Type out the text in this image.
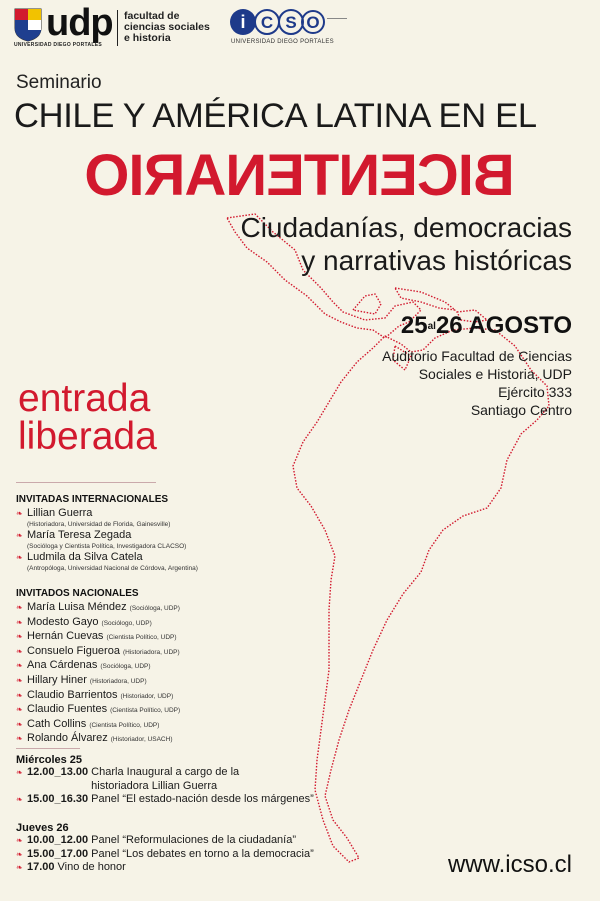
udp
UNIVERSIDAD DIEGO PORTALES
facultad de
ciencias sociales
e historia
i C S O
UNIVERSIDAD DIEGO PORTALES
Seminario
CHILE Y AMÉRICA LATINA EN EL
BICENTENARIO
Ciudadanías, democracias
y narrativas históricas
25al26 AGOSTO
Auditorio Facultad de Ciencias
Sociales e Historia, UDP
Ejército 333
Santiago Centro
entrada
liberada
INVITADAS INTERNACIONALES
❧ Lillian Guerra
(Historiadora, Universidad de Florida, Gainesville)
❧ María Teresa Zegada
(Socióloga y Cientista Política, Investigadora CLACSO)
❧ Ludmila da Silva Catela
(Antropóloga, Universidad Nacional de Córdova, Argentina)
INVITADOS NACIONALES
❧ María Luisa Méndez (Socióloga, UDP)
❧ Modesto Gayo (Sociólogo, UDP)
❧ Hernán Cuevas (Cientista Político, UDP)
❧ Consuelo Figueroa (Historiadora, UDP)
❧ Ana Cárdenas (Socióloga, UDP)
❧ Hillary Hiner (Historiadora, UDP)
❧ Claudio Barrientos (Historiador, UDP)
❧ Claudio Fuentes (Cientista Político, UDP)
❧ Cath Collins (Cientista Político, UDP)
❧ Rolando Álvarez (Historiador, USACH)
Miércoles 25
❧ 12.00_13.00 Charla Inaugural a cargo de la
historiadora Lillian Guerra
❧ 15.00_16.30 Panel “El estado-nación desde los márgenes”
Jueves 26
❧ 10.00_12.00 Panel “Reformulaciones de la ciudadanía”
❧ 15.00_17.00 Panel “Los debates en torno a la democracia”
❧ 17.00 Vino de honor	www.icso.cl
